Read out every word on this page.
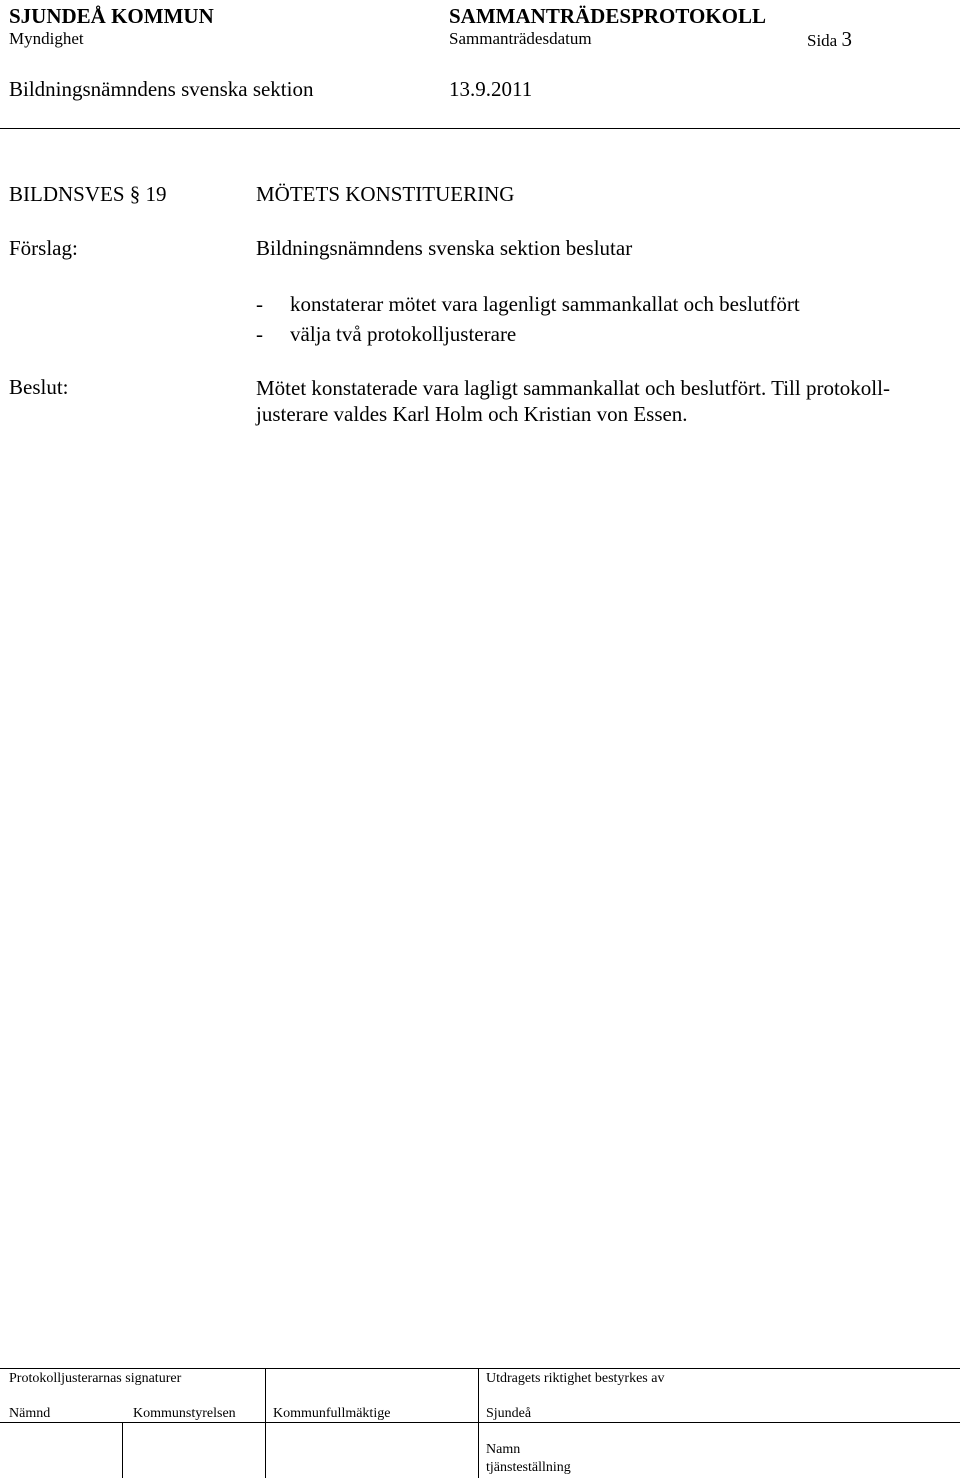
SJUNDEÅ KOMMUN	SAMMANTRÄDESPROTOKOLL
Myndighet	Sammanträdesdatum	Sida 3
Bildningsnämndens svenska sektion	13.9.2011
BILDNSVES § 19	MÖTETS KONSTITUERING
Förslag:	Bildningsnämndens svenska sektion beslutar
- konstaterar mötet vara lagenligt sammankallat och beslutfört
- välja två protokolljusterare
Beslut:	Mötet konstaterade vara lagligt sammankallat och beslutfört. Till protokoll-justerare valdes Karl Holm och Kristian von Essen.
Protokolljusterarnas signaturer	Utdragets riktighet bestyrkes av
Nämnd	Kommunstyrelsen	Kommunfullmäktige	Sjundeå
Namn
tjänsteställning
